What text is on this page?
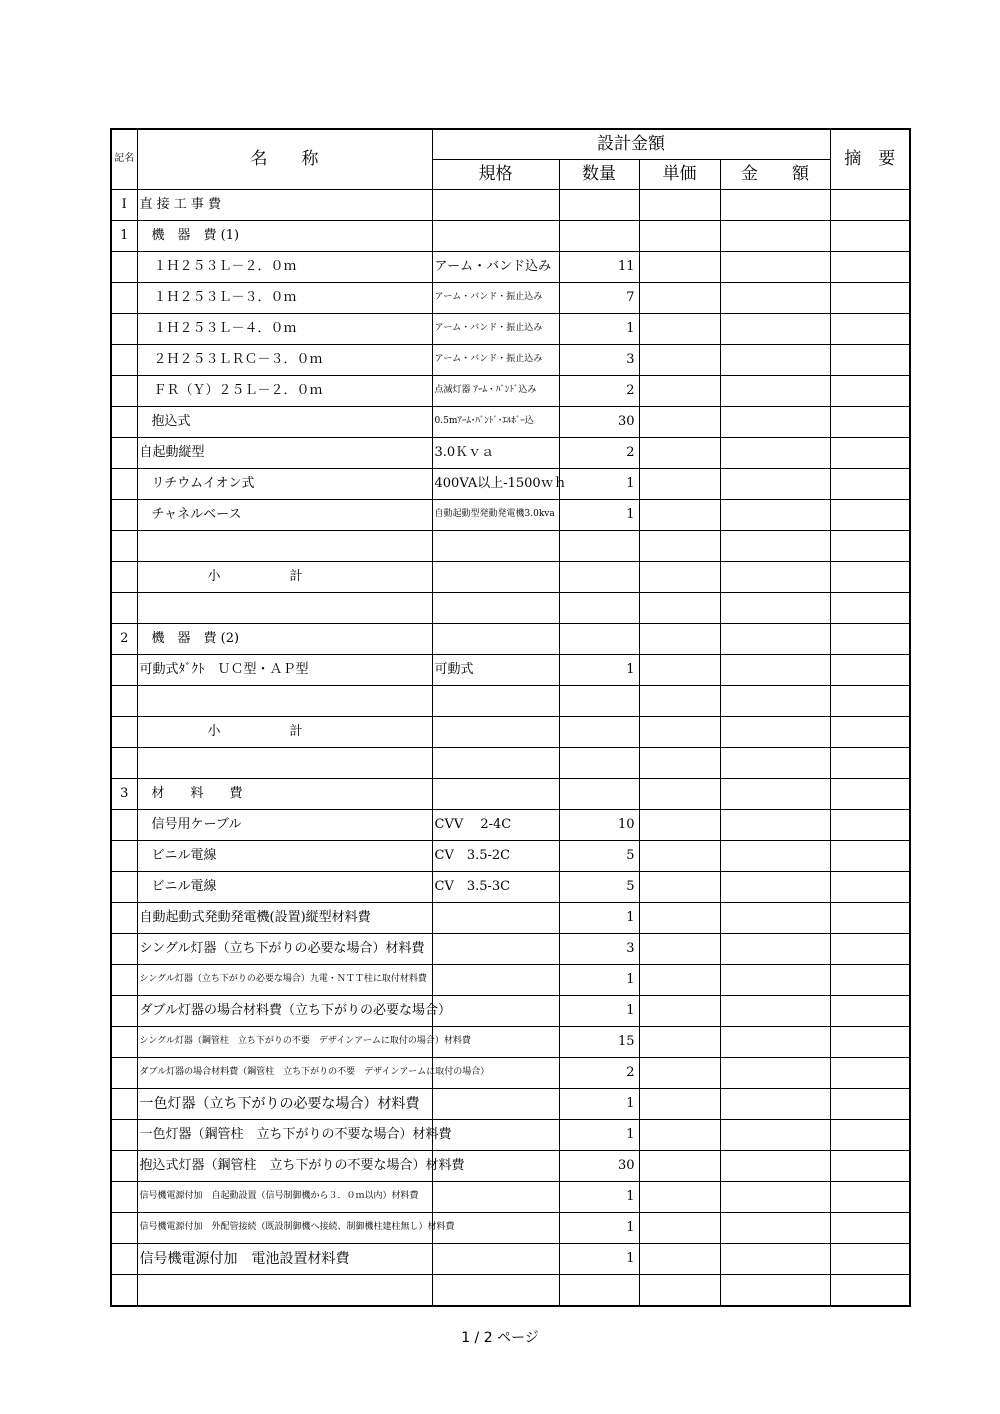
記名	名　　称	設計金額				摘　要
		規格	数量	単価	金　　額	
Ⅰ	直 接 工 事 費					
1	機　器　費 (1)					
	１Ｈ２５３Ｌ－２．０ｍ	アーム・バンド込み	11			
	１Ｈ２５３Ｌ－３．０ｍ	アーム・バンド・振止込み	7			
	１Ｈ２５３Ｌ－４．０ｍ	アーム・バンド・振止込み	1			
	２Ｈ２５３ＬＲＣ－３．０ｍ	アーム・バンド・振止込み	3			
	ＦＲ（Ｙ）２５Ｌ－２．０ｍ	点滅灯器 ｱｰﾑ・ﾊﾞﾝﾄﾞ込み	2			
	抱込式	0.5mｱｰﾑ･ﾊﾞﾝﾄﾞ･ｴﾙﾎﾞｰ込	30			
	自起動縦型	3.0Ｋｖａ	2			
	リチウムイオン式	400VA以上-1500ｗｈ	1			
	チャネルベース	自動起動型発動発電機3.0kva	1			

	小　計					

2	機　器　費 (2)					
	可動式ﾀﾞｸﾄ　ＵＣ型・ＡＰ型	可動式	1			

	小　計					

3	材　　料　　費					
	信号用ケーブル	CVV　 2-4C	10			
	ビニル電線	CV　3.5-2C	5			
	ビニル電線	CV　3.5-3C	5			
	自動起動式発動発電機(設置)縦型材料費		1			
	シングル灯器（立ち下がりの必要な場合）材料費		3			
	シングル灯器（立ち下がりの必要な場合）九電・ＮＴＴ柱に取付材料費		1			
	ダブル灯器の場合材料費（立ち下がりの必要な場合）		1			
	シングル灯器（鋼管柱　立ち下がりの不要　デザインアームに取付の場合）材料費		15			
	ダブル灯器の場合材料費（鋼管柱　立ち下がりの不要　デザインアームに取付の場合）		2			
	一色灯器（立ち下がりの必要な場合）材料費		1			
	一色灯器（鋼管柱　立ち下がりの不要な場合）材料費		1			
	抱込式灯器（鋼管柱　立ち下がりの不要な場合）材料費		30			
	信号機電源付加　自起動設置（信号制御機から３．０ｍ以内）材料費		1			
	信号機電源付加　外配管接続（既設制御機へ接続、制御機柱建柱無し）材料費		1			
	信号機電源付加　電池設置材料費		1			

1 / 2 ページ
